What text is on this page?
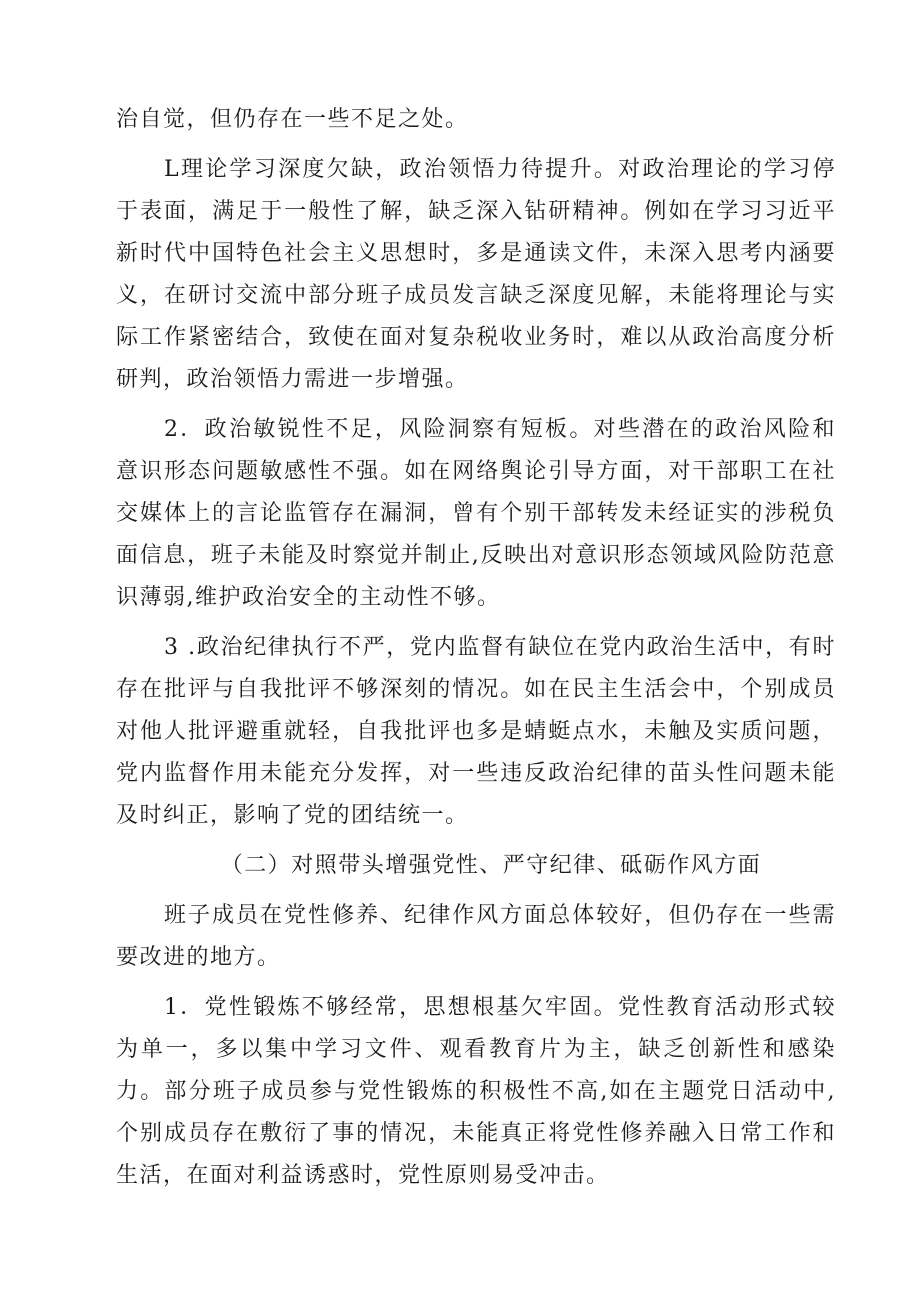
治自觉，但仍存在一些不足之处。

L理论学习深度欠缺，政治领悟力待提升。对政治理论的学习停于表面，满足于一般性了解，缺乏深入钻研精神。例如在学习习近平新时代中国特色社会主义思想时，多是通读文件，未深入思考内涵要义，在研讨交流中部分班子成员发言缺乏深度见解，未能将理论与实际工作紧密结合，致使在面对复杂税收业务时，难以从政治高度分析研判，政治领悟力需进一步增强。

2．政治敏锐性不足，风险洞察有短板。对些潜在的政治风险和意识形态问题敏感性不强。如在网络舆论引导方面，对干部职工在社交媒体上的言论监管存在漏洞，曾有个别干部转发未经证实的涉税负面信息，班子未能及时察觉并制止,反映出对意识形态领域风险防范意识薄弱,维护政治安全的主动性不够。

3 .政治纪律执行不严，党内监督有缺位在党内政治生活中，有时存在批评与自我批评不够深刻的情况。如在民主生活会中，个别成员对他人批评避重就轻，自我批评也多是蜻蜓点水，未触及实质问题，党内监督作用未能充分发挥，对一些违反政治纪律的苗头性问题未能及时纠正，影响了党的团结统一。

（二）对照带头增强党性、严守纪律、砥砺作风方面

班子成员在党性修养、纪律作风方面总体较好，但仍存在一些需要改进的地方。

1．党性锻炼不够经常，思想根基欠牢固。党性教育活动形式较为单一，多以集中学习文件、观看教育片为主，缺乏创新性和感染力。部分班子成员参与党性锻炼的积极性不高,如在主题党日活动中,个别成员存在敷衍了事的情况，未能真正将党性修养融入日常工作和生活，在面对利益诱惑时，党性原则易受冲击。
